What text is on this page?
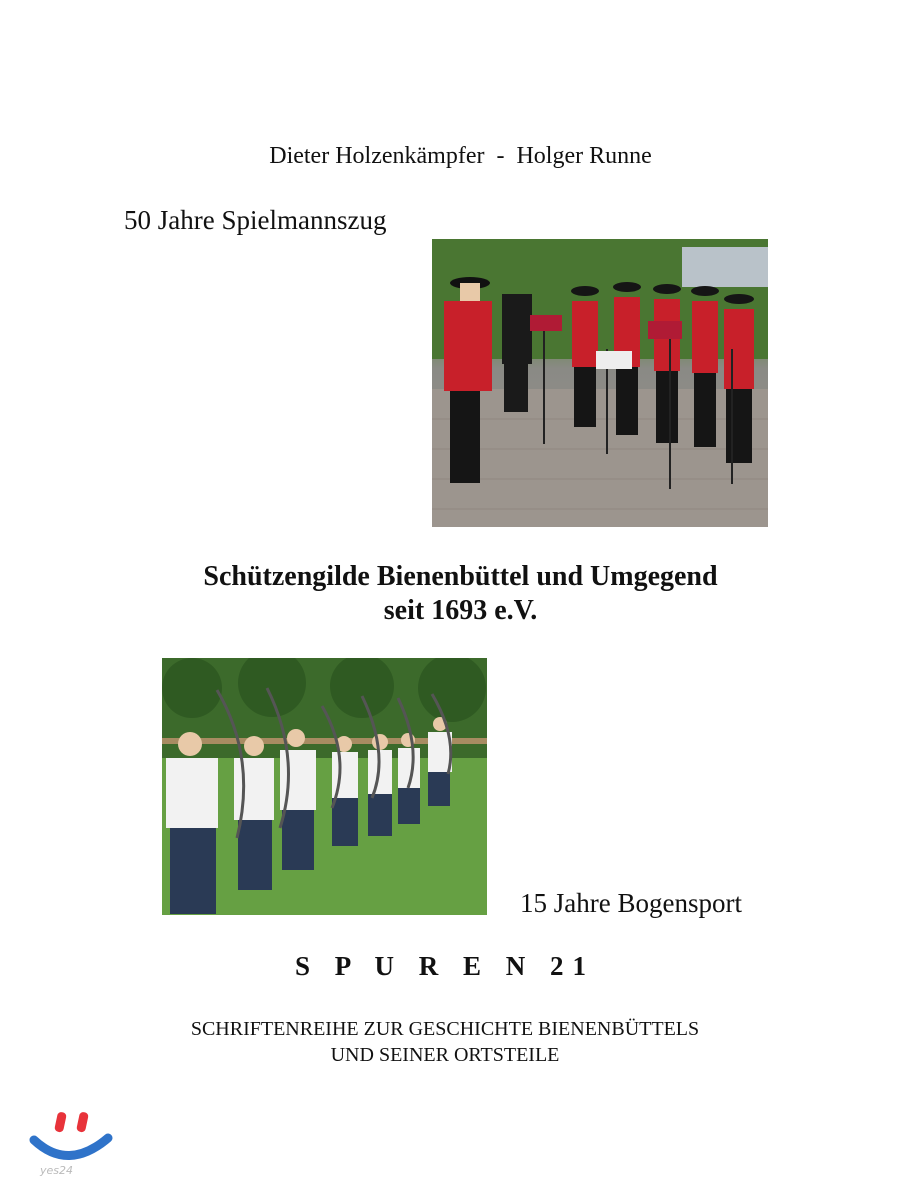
Dieter Holzenkämpfer  -  Holger Runne
50 Jahre Spielmannszug
Schützengilde Bienenbüttel und Umgegend
seit 1693 e.V.
15 Jahre Bogensport
S P U R E N 21
SCHRIFTENREIHE ZUR GESCHICHTE BIENENBÜTTELS
UND SEINER ORTSTEILE
yes24
